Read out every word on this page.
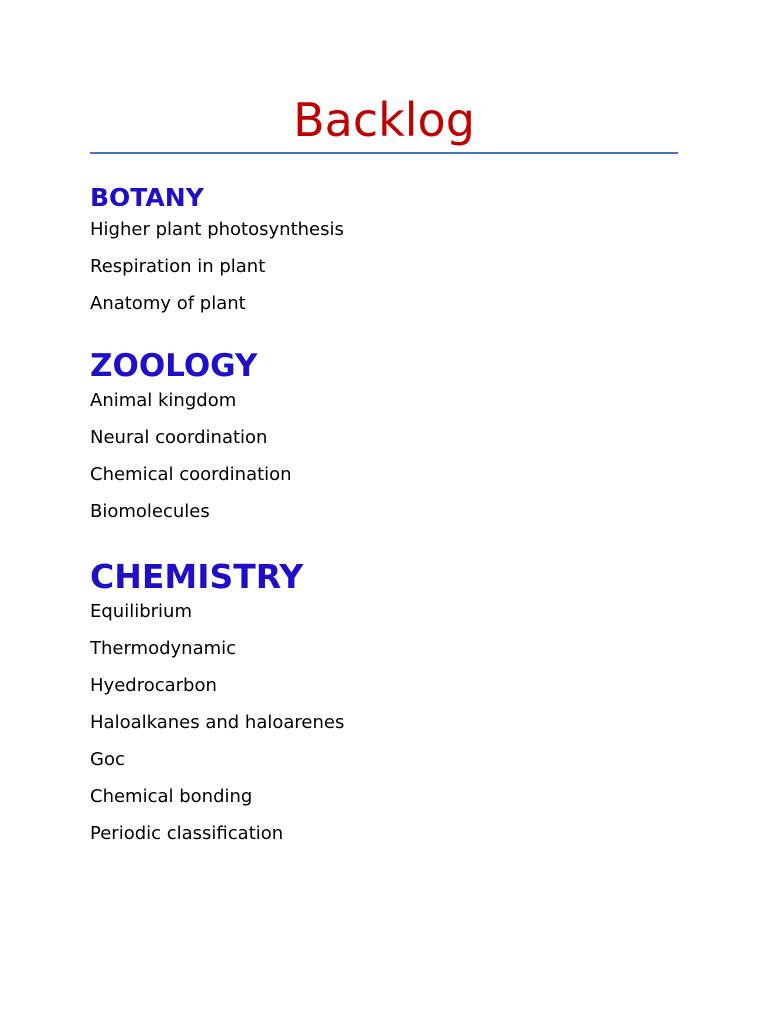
Backlog
BOTANY
Higher plant photosynthesis
Respiration in plant
Anatomy of plant
ZOOLOGY
Animal kingdom
Neural coordination
Chemical coordination
Biomolecules
CHEMISTRY
Equilibrium
Thermodynamic
Hyedrocarbon
Haloalkanes and haloarenes
Goc
Chemical bonding
Periodic classification
